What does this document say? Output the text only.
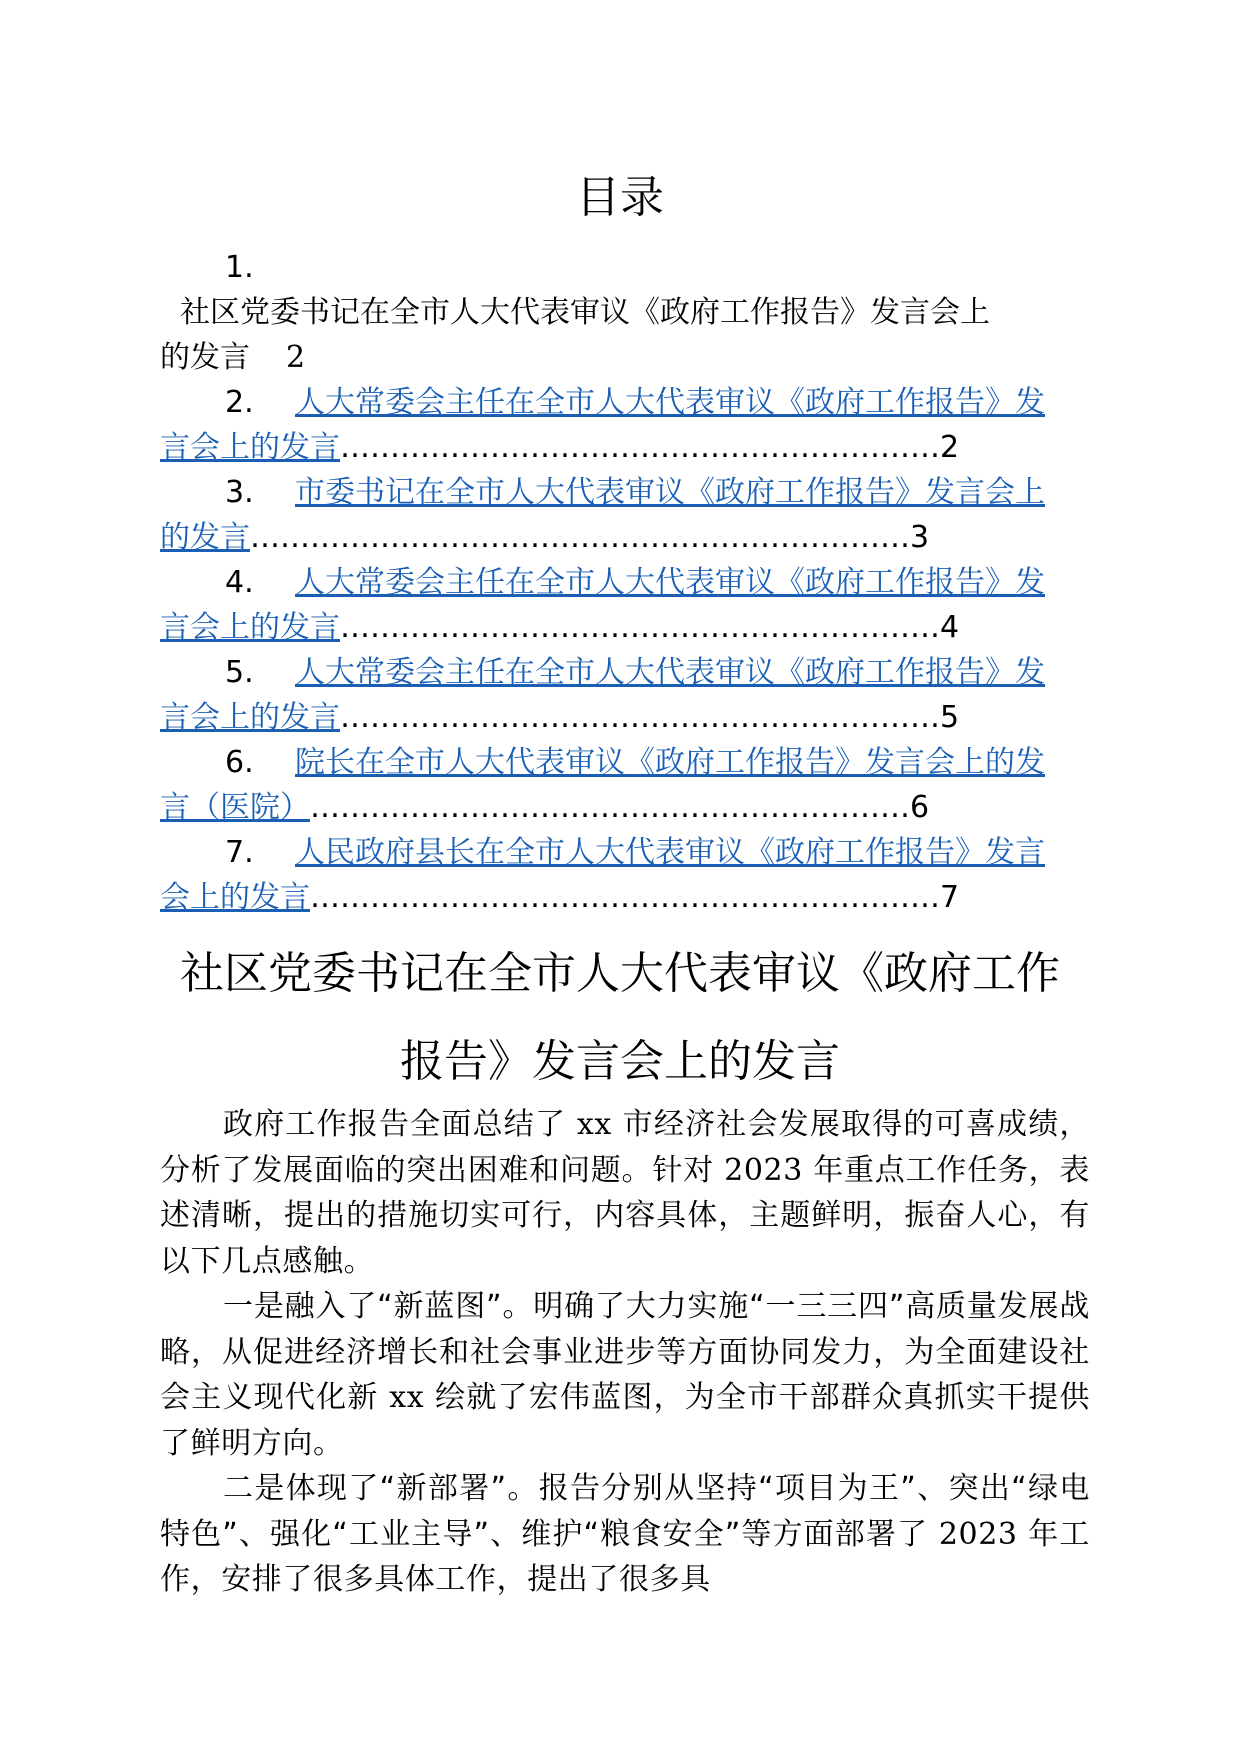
目录
1.
社区党委书记在全市人大代表审议《政府工作报告》发言会上
的发言 2
2. 人大常委会主任在全市人大代表审议《政府工作报告》发
言会上的发言……………………………………………………2
3. 市委书记在全市人大代表审议《政府工作报告》发言会上
的发言…………………………………………………………3
4. 人大常委会主任在全市人大代表审议《政府工作报告》发
言会上的发言……………………………………………………4
5. 人大常委会主任在全市人大代表审议《政府工作报告》发
言会上的发言……………………………………………………5
6. 院长在全市人大代表审议《政府工作报告》发言会上的发
言（医院）……………………………………………………6
7. 人民政府县长在全市人大代表审议《政府工作报告》发言
会上的发言………………………………………………………7
社区党委书记在全市人大代表审议《政府工作
报告》发言会上的发言

政府工作报告全面总结了 xx 市经济社会发展取得的可喜成绩，分析了发展面临的突出困难和问题。针对 2023 年重点工作任务，表述清晰，提出的措施切实可行，内容具体，主题鲜明，振奋人心，有以下几点感触。

一是融入了“新蓝图”。明确了大力实施“一三三四”高质量发展战略，从促进经济增长和社会事业进步等方面协同发力，为全面建设社会主义现代化新 xx 绘就了宏伟蓝图，为全市干部群众真抓实干提供了鲜明方向。

二是体现了“新部署”。报告分别从坚持“项目为王”、突出“绿电特色”、强化“工业主导”、维护“粮食安全”等方面部署了 2023 年工作，安排了很多具体工作，提出了很多具
